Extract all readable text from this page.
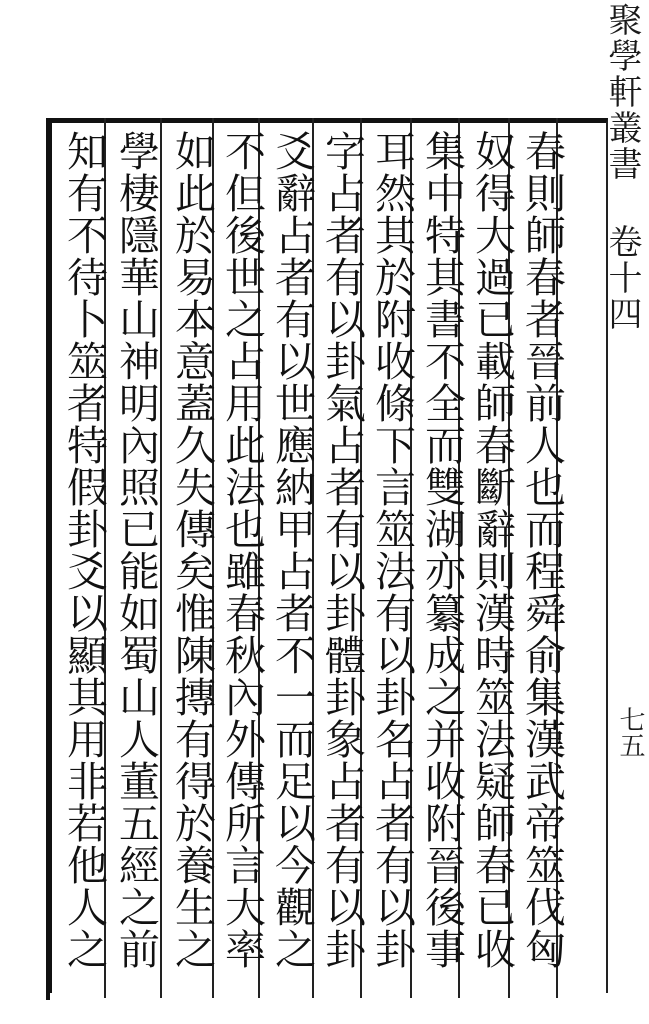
聚學軒叢書 卷十四
七五
春則師春者晉前人也而程舜俞集漢武帝筮伐匈
奴得大過已載師春斷辭則漢時筮法疑師春已收
集中特其書不全而雙湖亦纂成之并收附晉後事
耳然其於附收條下言筮法有以卦名占者有以卦
字占者有以卦氣占者有以卦體卦象占者有以卦
爻辭占者有以世應納甲占者不一而足以今觀之
不但後世之占用此法也雖春秋內外傳所言大率
如此於易本意蓋久失傳矣惟陳摶有得於養生之
學棲隱華山神明內照已能如蜀山人董五經之前
知有不待卜筮者特假卦爻以顯其用非若他人之
